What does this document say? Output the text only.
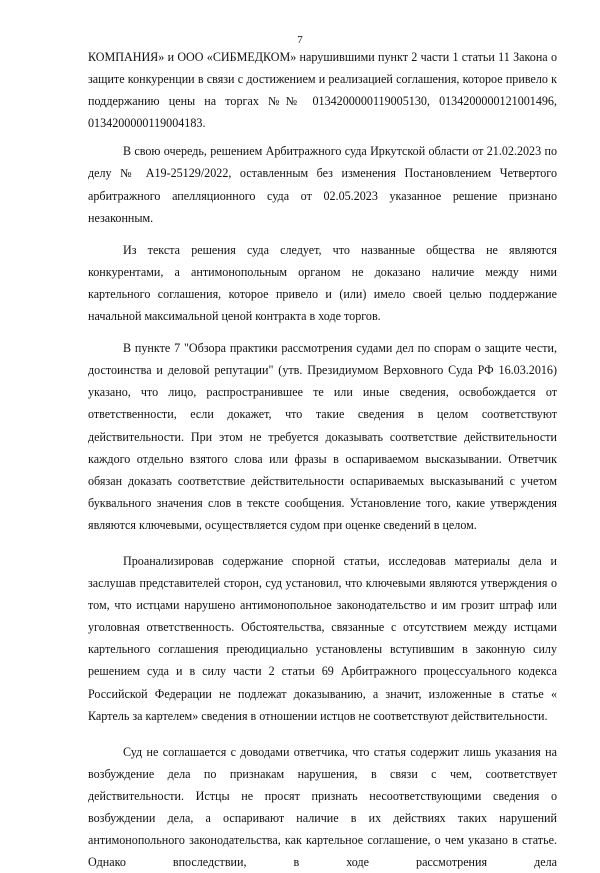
7

КОМПАНИЯ» и ООО «СИБМЕДКОМ» нарушившими пункт 2 части 1 статьи 11 Закона о защите конкуренции в связи с достижением и реализацией соглашения, которое привело к поддержанию цены на торгах №№ 0134200000119005130, 0134200000121001496, 0134200000119004183.

В свою очередь, решением Арбитражного суда Иркутской области от 21.02.2023 по делу № А19-25129/2022, оставленным без изменения Постановлением Четвертого арбитражного апелляционного суда от 02.05.2023 указанное решение признано незаконным.

Из текста решения суда следует, что названные общества не являются конкурентами, а антимонопольным органом не доказано наличие между ними картельного соглашения, которое привело и (или) имело своей целью поддержание начальной максимальной ценой контракта в ходе торгов.

В пункте 7 "Обзора практики рассмотрения судами дел по спорам о защите чести, достоинства и деловой репутации" (утв. Президиумом Верховного Суда РФ 16.03.2016) указано, что лицо, распространившее те или иные сведения, освобождается от ответственности, если докажет, что такие сведения в целом соответствуют действительности. При этом не требуется доказывать соответствие действительности каждого отдельно взятого слова или фразы в оспариваемом высказывании. Ответчик обязан доказать соответствие действительности оспариваемых высказываний с учетом буквального значения слов в тексте сообщения. Установление того, какие утверждения являются ключевыми, осуществляется судом при оценке сведений в целом.

Проанализировав содержание спорной статьи, исследовав материалы дела и заслушав представителей сторон, суд установил, что ключевыми являются утверждения о том, что истцами нарушено антимонопольное законодательство и им грозит штраф или уголовная ответственность. Обстоятельства, связанные с отсутствием между истцами картельного соглашения преюдициально установлены вступившим в законную силу решением суда и в силу части 2 статьи 69 Арбитражного процессуального кодекса Российской Федерации не подлежат доказыванию, а значит, изложенные в статье « Картель за картелем» сведения в отношении истцов не соответствуют действительности.

Суд не соглашается с доводами ответчика, что статья содержит лишь указания на возбуждение дела по признакам нарушения, в связи с чем, соответствует действительности. Истцы не просят признать несоответствующими сведения о возбуждении дела, а оспаривают наличие в их действиях таких нарушений антимонопольного законодательства, как картельное соглашение, о чем указано в статье. Однако впоследствии, в ходе рассмотрения дела
